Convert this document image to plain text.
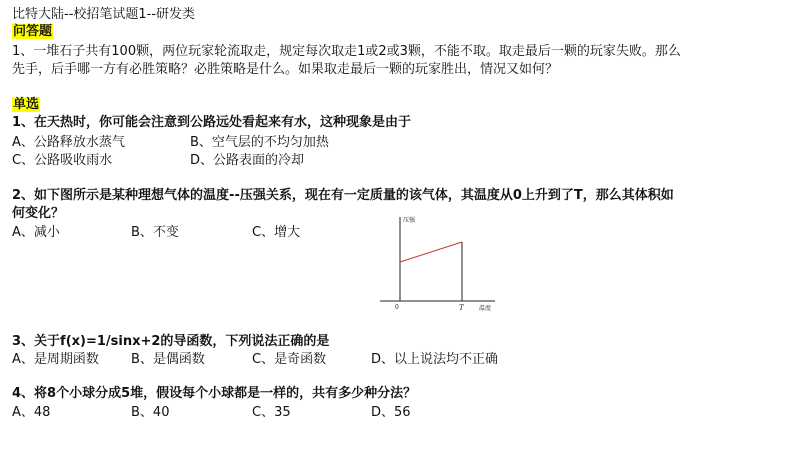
比特大陆--校招笔试题1--研发类
问答题
1、一堆石子共有100颗，两位玩家轮流取走，规定每次取走1或2或3颗，不能不取。取走最后一颗的玩家失败。那么
先手，后手哪一方有必胜策略？必胜策略是什么。如果取走最后一颗的玩家胜出，情况又如何？
单选
1、在天热时，你可能会注意到公路远处看起来有水，这种现象是由于
A、公路释放水蒸气	B、空气层的不均匀加热
C、公路吸收雨水	D、公路表面的冷却
2、如下图所示是某种理想气体的温度--压强关系，现在有一定质量的该气体，其温度从0上升到了T，那么其体积如
何变化？
A、减小	B、不变	C、增大
压强
0	T	温度
3、关于f(x)=1/sinx+2的导函数，下列说法正确的是
A、是周期函数 B、是偶函数	C、是奇函数	D、以上说法均不正确
4、将8个小球分成5堆，假设每个小球都是一样的，共有多少种分法？
A、48	B、40	C、35	D、56
